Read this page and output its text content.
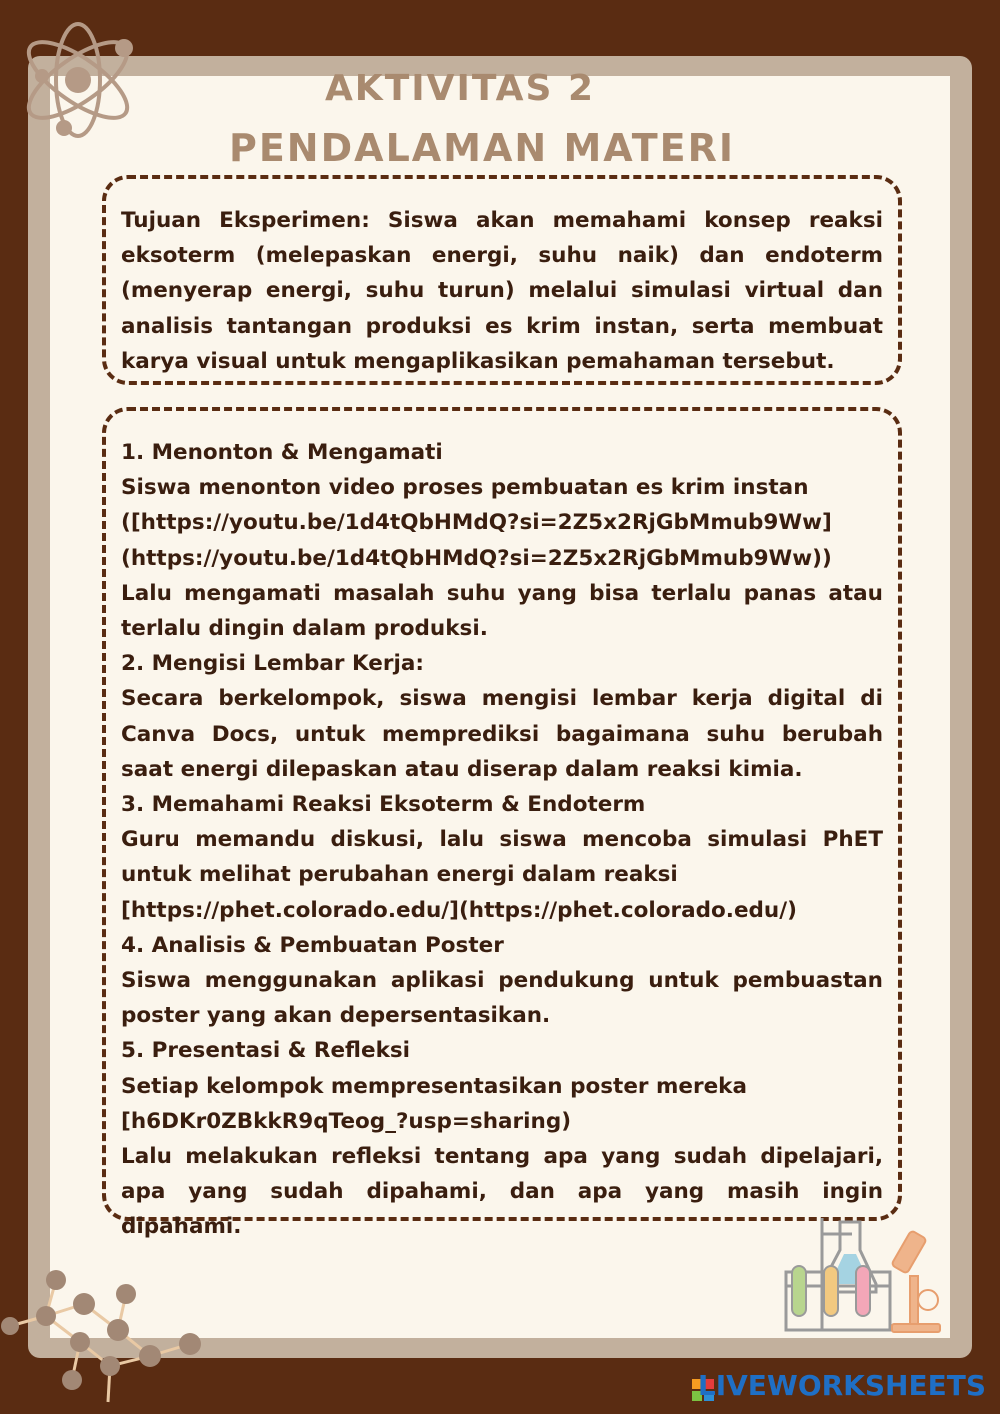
AKTIVITAS 2
PENDALAMAN MATERI

Tujuan Eksperimen: Siswa akan memahami konsep reaksi eksoterm (melepaskan energi, suhu naik) dan endoterm (menyerap energi, suhu turun) melalui simulasi virtual dan analisis tantangan produksi es krim instan, serta membuat karya visual untuk mengaplikasikan pemahaman tersebut.

1. Menonton & Mengamati
Siswa menonton video proses pembuatan es krim instan
([https://youtu.be/1d4tQbHMdQ?si=2Z5x2RjGbMmub9Ww]
(https://youtu.be/1d4tQbHMdQ?si=2Z5x2RjGbMmub9Ww))
Lalu mengamati masalah suhu yang bisa terlalu panas atau terlalu dingin dalam produksi.
2. Mengisi Lembar Kerja:
Secara berkelompok, siswa mengisi lembar kerja digital di Canva Docs, untuk memprediksi bagaimana suhu berubah saat energi dilepaskan atau diserap dalam reaksi kimia.
3. Memahami Reaksi Eksoterm & Endoterm
Guru memandu diskusi, lalu siswa mencoba simulasi PhET untuk melihat perubahan energi dalam reaksi
[https://phet.colorado.edu/](https://phet.colorado.edu/)
4. Analisis & Pembuatan Poster
Siswa menggunakan aplikasi pendukung untuk pembuastan poster yang akan depersentasikan.
5. Presentasi & Refleksi
Setiap kelompok mempresentasikan poster mereka
[h6DKr0ZBkkR9qTeog_?usp=sharing)
Lalu melakukan refleksi tentang apa yang sudah dipelajari, apa yang sudah dipahami, dan apa yang masih ingin dipahami.
LIVEWORKSHEETS
